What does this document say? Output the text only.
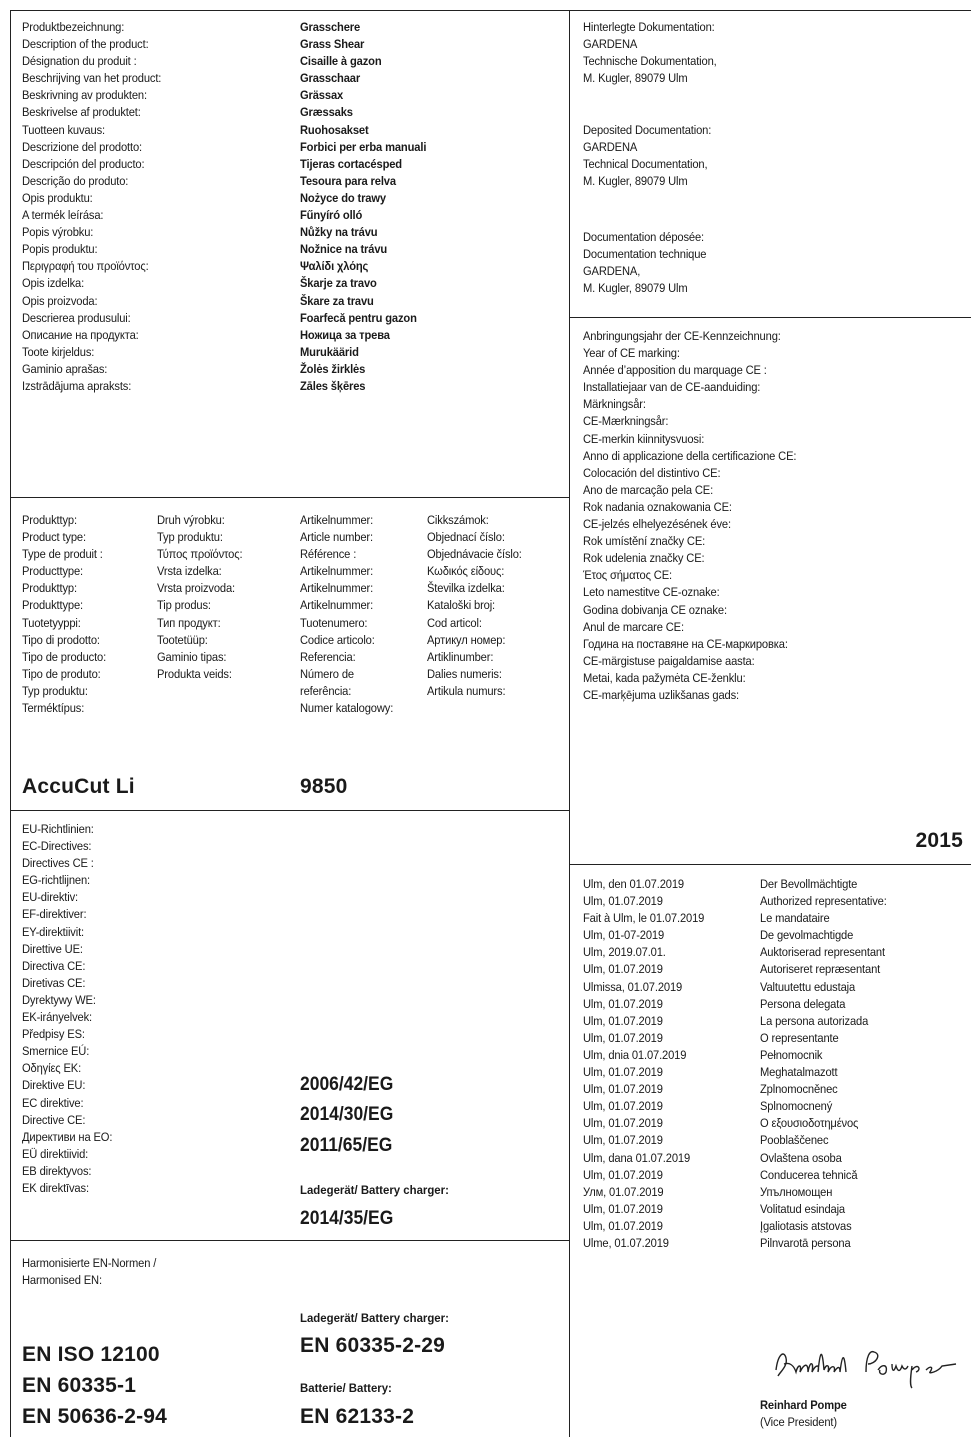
Produktbezeichnung:
Description of the product:
Désignation du produit :
Beschrijving van het product:
Beskrivning av produkten:
Beskrivelse af produktet:
Tuotteen kuvaus:
Descrizione del prodotto:
Descripción del producto:
Descrição do produto:
Opis produktu:
A termék leírása:
Popis výrobku:
Popis produktu:
Περιγραφή του προϊόντος:
Opis izdelka:
Opis proizvoda:
Descrierea produsului:
Описание на продукта:
Toote kirjeldus:
Gaminio aprašas:
Izstrādājuma apraksts:
Grasschere
Grass Shear
Cisaille à gazon
Grasschaar
Grässax
Græssaks
Ruohosakset
Forbici per erba manuali
Tijeras cortacésped
Tesoura para relva
Nożyce do trawy
Fűnyíró olló
Nůžky na trávu
Nožnice na trávu
Ψαλίδι χλόης
Škarje za travo
Škare za travu
Foarfecă pentru gazon
Ножица за трева
Murukäärid
Žolės žirklės
Zāles šķēres
Produkttyp:
Product type:
Type de produit :
Producttype:
Produkttyp:
Produkttype:
Tuotetyyppi:
Tipo di prodotto:
Tipo de producto:
Tipo de produto:
Typ produktu:
Terméktípus:
Druh výrobku:
Typ produktu:
Τύπος προϊόντος:
Vrsta izdelka:
Vrsta proizvoda:
Tip produs:
Тип продукт:
Tootetüüp:
Gaminio tipas:
Produkta veids:
Artikelnummer:
Article number:
Référence :
Artikelnummer:
Artikelnummer:
Artikelnummer:
Tuotenumero:
Codice articolo:
Referencia:
Número de
referência:
Numer katalogowy:
Cikkszámok:
Objednací číslo:
Objednávacie číslo:
Κωδικός είδους:
Številka izdelka:
Kataloški broj:
Cod articol:
Артикул номер:
Artiklinumber:
Dalies numeris:
Artikula numurs:
AccuCut Li	9850
EU-Richtlinien:
EC-Directives:
Directives CE :
EG-richtlijnen:
EU-direktiv:
EF-direktiver:
EY-direktiivit:
Direttive UE:
Directiva CE:
Diretivas CE:
Dyrektywy WE:
EK-irányelvek:
Předpisy ES:
Smernice EÚ:
Οδηγίες ΕΚ:
Direktive EU:
EC direktive:
Directive CE:
Директиви на ЕО:
EÜ direktiivid:
EB direktyvos:
EK direktīvas:
2006/42/EG
2014/30/EG
2011/65/EG
Ladegerät/ Battery charger:
2014/35/EG
Harmonisierte EN-Normen /
Harmonised EN:
EN ISO 12100
EN 60335-1
EN 50636-2-94
Ladegerät/ Battery charger:
EN 60335-2-29
Batterie/ Battery:
EN 62133-2
Hinterlegte Dokumentation:
GARDENA
Technische Dokumentation,
M. Kugler, 89079 Ulm
Deposited Documentation:
GARDENA
Technical Documentation,
M. Kugler, 89079 Ulm
Documentation déposée:
Documentation technique
GARDENA,
M. Kugler, 89079 Ulm
Anbringungsjahr der CE-Kennzeichnung:
Year of CE marking:
Année d’apposition du marquage CE :
Installatiejaar van de CE-aanduiding:
Märkningsår:
CE-Mærkningsår:
CE-merkin kiinnitysvuosi:
Anno di applicazione della certificazione CE:
Colocación del distintivo CE:
Ano de marcação pela CE:
Rok nadania oznakowania CE:
CE-jelzés elhelyezésének éve:
Rok umístění značky CE:
Rok udelenia značky CE:
Έτος σήματος CE:
Leto namestitve CE-oznake:
Godina dobivanja CE oznake:
Anul de marcare CE:
Година на поставяне на CE-маркировка:
CE-märgistuse paigaldamise aasta:
Metai, kada pažymėta CE-ženklu:
CE-marķējuma uzlikšanas gads:
2015
Ulm, den 01.07.2019
Ulm, 01.07.2019
Fait à Ulm, le 01.07.2019
Ulm, 01-07-2019
Ulm, 2019.07.01.
Ulm, 01.07.2019
Ulmissa, 01.07.2019
Ulm, 01.07.2019
Ulm, 01.07.2019
Ulm, 01.07.2019
Ulm, dnia 01.07.2019
Ulm, 01.07.2019
Ulm, 01.07.2019
Ulm, 01.07.2019
Ulm, 01.07.2019
Ulm, 01.07.2019
Ulm, dana 01.07.2019
Ulm, 01.07.2019
Улм, 01.07.2019
Ulm, 01.07.2019
Ulm, 01.07.2019
Ulme, 01.07.2019
Der Bevollmächtigte
Authorized representative:
Le mandataire
De gevolmachtigde
Auktoriserad representant
Autoriseret repræsentant
Valtuutettu edustaja
Persona delegata
La persona autorizada
O representante
Pełnomocnik
Meghatalmazott
Zplnomocněnec
Splnomocnený
Ο εξουσιοδοτημένος
Pooblaščenec
Ovlaštena osoba
Conducerea tehnică
Упълномощен
Volitatud esindaja
Įgaliotasis atstovas
Pilnvarotā persona
Reinhard Pompe
(Vice President)
